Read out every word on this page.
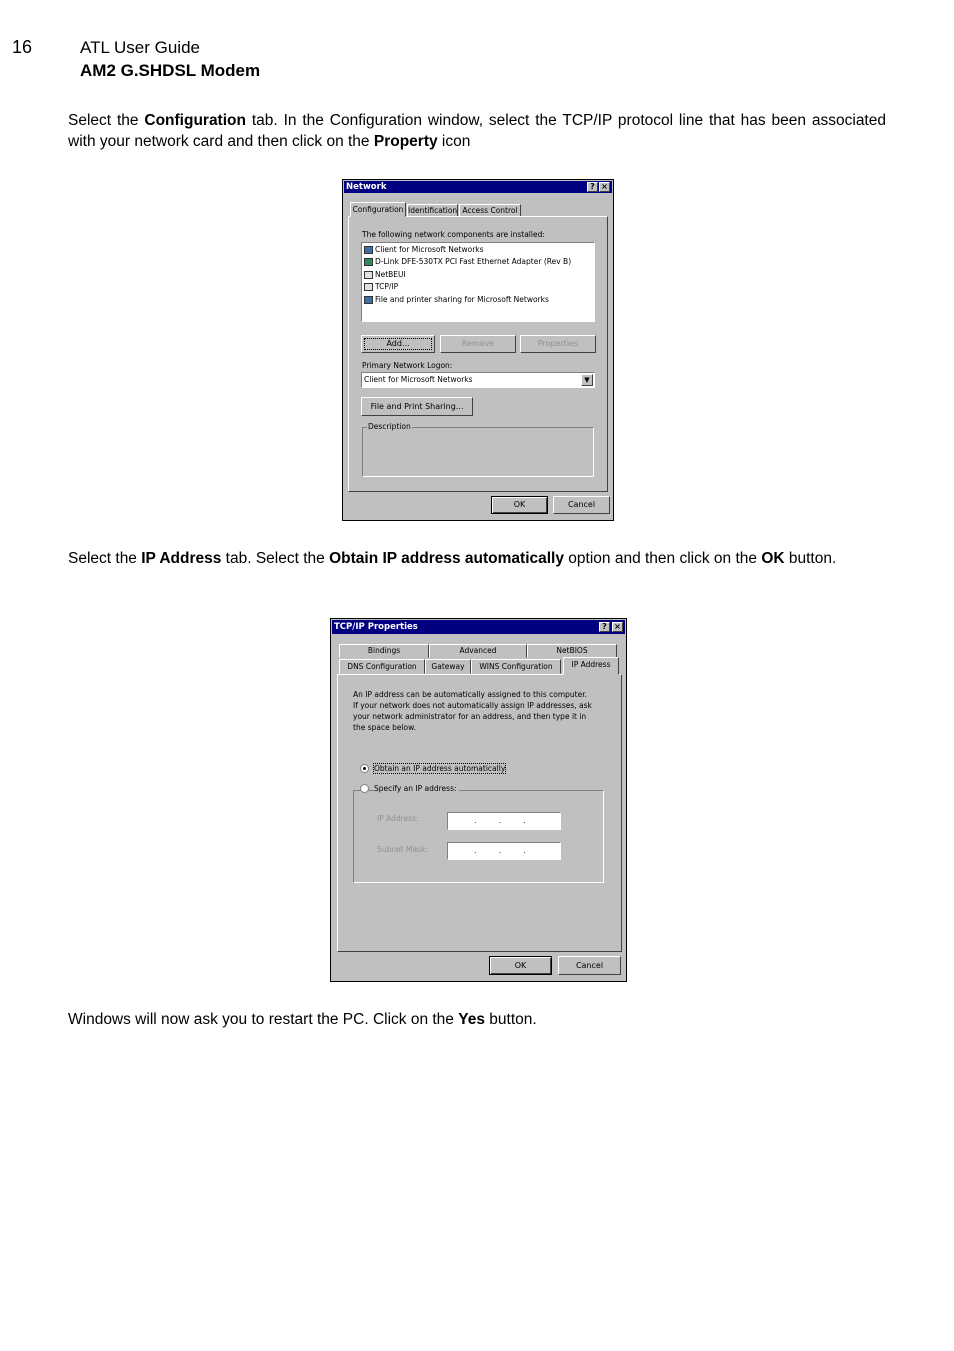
16	ATL User Guide
AM2 G.SHDSL Modem
Select the Configuration tab. In the Configuration window, select the TCP/IP protocol line that has been associated with your network card and then click on the Property icon
Network	? ×
Configuration Identification Access Control
The following network components are installed:
Client for Microsoft Networks
D-Link DFE-530TX PCI Fast Ethernet Adapter (Rev B)
NetBEUI
TCP/IP
File and printer sharing for Microsoft Networks
Add...	Remove	Properties
Primary Network Logon:
Client for Microsoft Networks	▼
File and Print Sharing...
Description
OK	Cancel
Select the IP Address tab. Select the Obtain IP address automatically option and then click on the OK button.
TCP/IP Properties	? ×
Bindings	Advanced	NetBIOS
DNS Configuration	Gateway	WINS Configuration	IP Address
An IP address can be automatically assigned to this computer.
If your network does not automatically assign IP addresses, ask
your network administrator for an address, and then type it in
the space below.
Obtain an IP address automatically
Specify an IP address:
IP Address:	. . .
Subnet Mask:	. . .
OK	Cancel
Windows will now ask you to restart the PC. Click on the Yes button.
